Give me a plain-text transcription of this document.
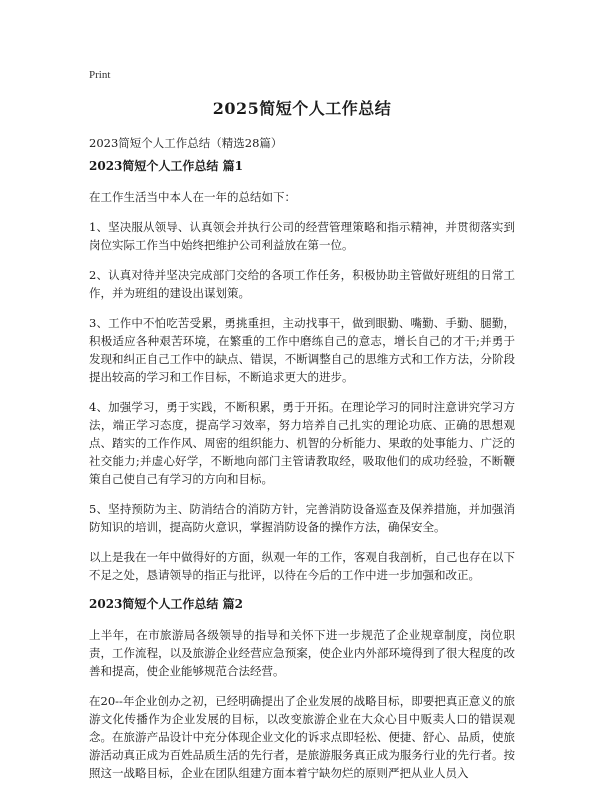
Print
2025简短个人工作总结
2023简短个人工作总结（精选28篇）
2023简短个人工作总结 篇1

在工作生活当中本人在一年的总结如下：

1、坚决服从领导、认真领会并执行公司的经营管理策略和指示精神，并贯彻落实到岗位实际工作当中始终把维护公司利益放在第一位。

2、认真对待并坚决完成部门交给的各项工作任务，积极协助主管做好班组的日常工作，并为班组的建设出谋划策。

3、工作中不怕吃苦受累，勇挑重担，主动找事干，做到眼勤、嘴勤、手勤、腿勤，积极适应各种艰苦环境，在繁重的工作中磨练自己的意志，增长自己的才干;并勇于发现和纠正自己工作中的缺点、错误，不断调整自己的思维方式和工作方法，分阶段提出较高的学习和工作目标，不断追求更大的进步。

4、加强学习，勇于实践，不断积累，勇于开拓。在理论学习的同时注意讲究学习方法，端正学习态度，提高学习效率，努力培养自己扎实的理论功底、正确的思想观点、踏实的工作作风、周密的组织能力、机智的分析能力、果敢的处事能力、广泛的社交能力;并虚心好学，不断地向部门主管请教取经，吸取他们的成功经验，不断鞭策自己使自己有学习的方向和目标。

5、坚持预防为主、防消结合的消防方针，完善消防设备巡查及保养措施，并加强消防知识的培训，提高防火意识，掌握消防设备的操作方法，确保安全。

以上是我在一年中做得好的方面，纵观一年的工作，客观自我剖析，自己也存在以下不足之处，恳请领导的指正与批评，以待在今后的工作中进一步加强和改正。

2023简短个人工作总结 篇2

上半年，在市旅游局各级领导的指导和关怀下进一步规范了企业规章制度，岗位职责，工作流程，以及旅游企业经营应急预案，使企业内外部环境得到了很大程度的改善和提高，使企业能够规范合法经营。

在20--年企业创办之初，已经明确提出了企业发展的战略目标，即要把真正意义的旅游文化传播作为企业发展的目标，以改变旅游企业在大众心目中贩卖人口的错误观念。在旅游产品设计中充分体现企业文化的诉求点即轻松、便捷、舒心、品质，使旅游活动真正成为百姓品质生活的先行者，是旅游服务真正成为服务行业的先行者。按照这一战略目标，企业在团队组建方面本着宁缺勿烂的原则严把从业人员入
